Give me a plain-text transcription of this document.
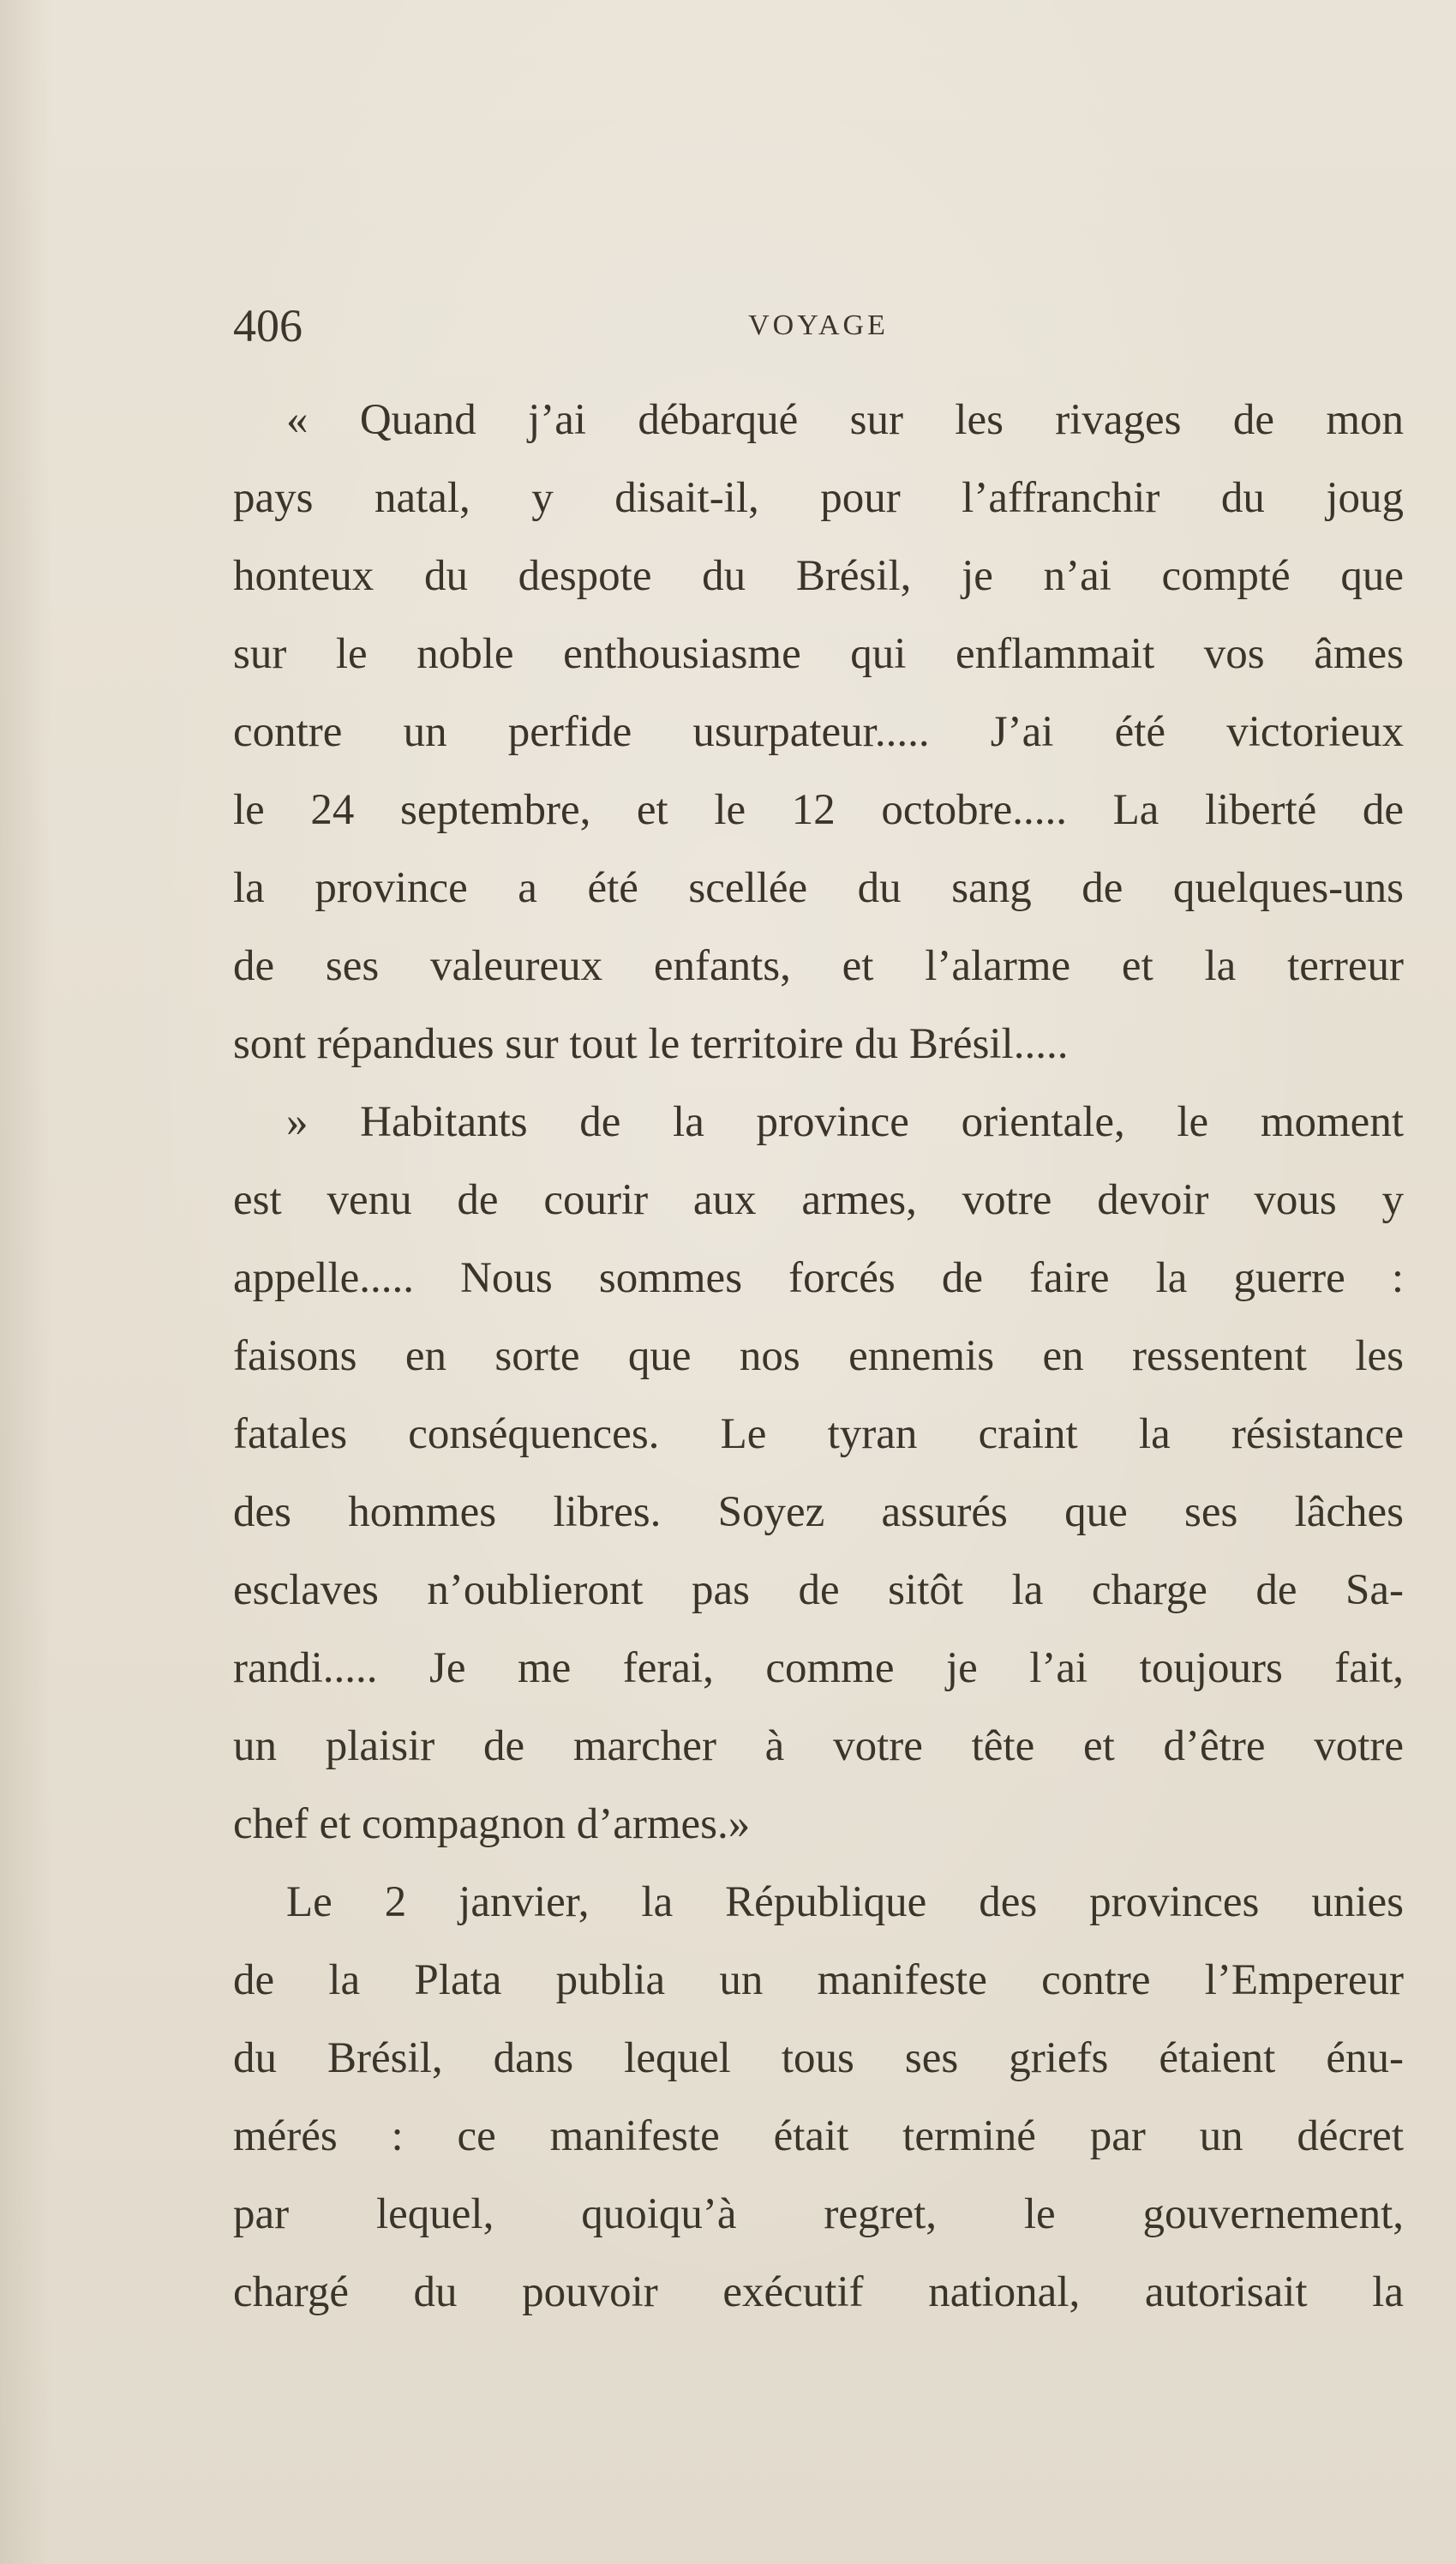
406	VOYAGE
« Quand j’ai débarqué sur les rivages de mon
pays natal, y disait-il, pour l’affranchir du joug
honteux du despote du Brésil, je n’ai compté que
sur le noble enthousiasme qui enflammait vos âmes
contre un perfide usurpateur..... J’ai été victorieux
le 24 septembre, et le 12 octobre..... La liberté de
la province a été scellée du sang de quelques-uns
de ses valeureux enfants, et l’alarme et la terreur
sont répandues sur tout le territoire du Brésil.....
» Habitants de la province orientale, le moment
est venu de courir aux armes, votre devoir vous y
appelle..... Nous sommes forcés de faire la guerre :
faisons en sorte que nos ennemis en ressentent les
fatales conséquences. Le tyran craint la résistance
des hommes libres. Soyez assurés que ses lâches
esclaves n’oublieront pas de sitôt la charge de Sa-
randi..... Je me ferai, comme je l’ai toujours fait,
un plaisir de marcher à votre tête et d’être votre
chef et compagnon d’armes.»
Le 2 janvier, la République des provinces unies
de la Plata publia un manifeste contre l’Empereur
du Brésil, dans lequel tous ses griefs étaient énu-
mérés : ce manifeste était terminé par un décret
par lequel, quoiqu’à regret, le gouvernement,
chargé du pouvoir exécutif national, autorisait la
